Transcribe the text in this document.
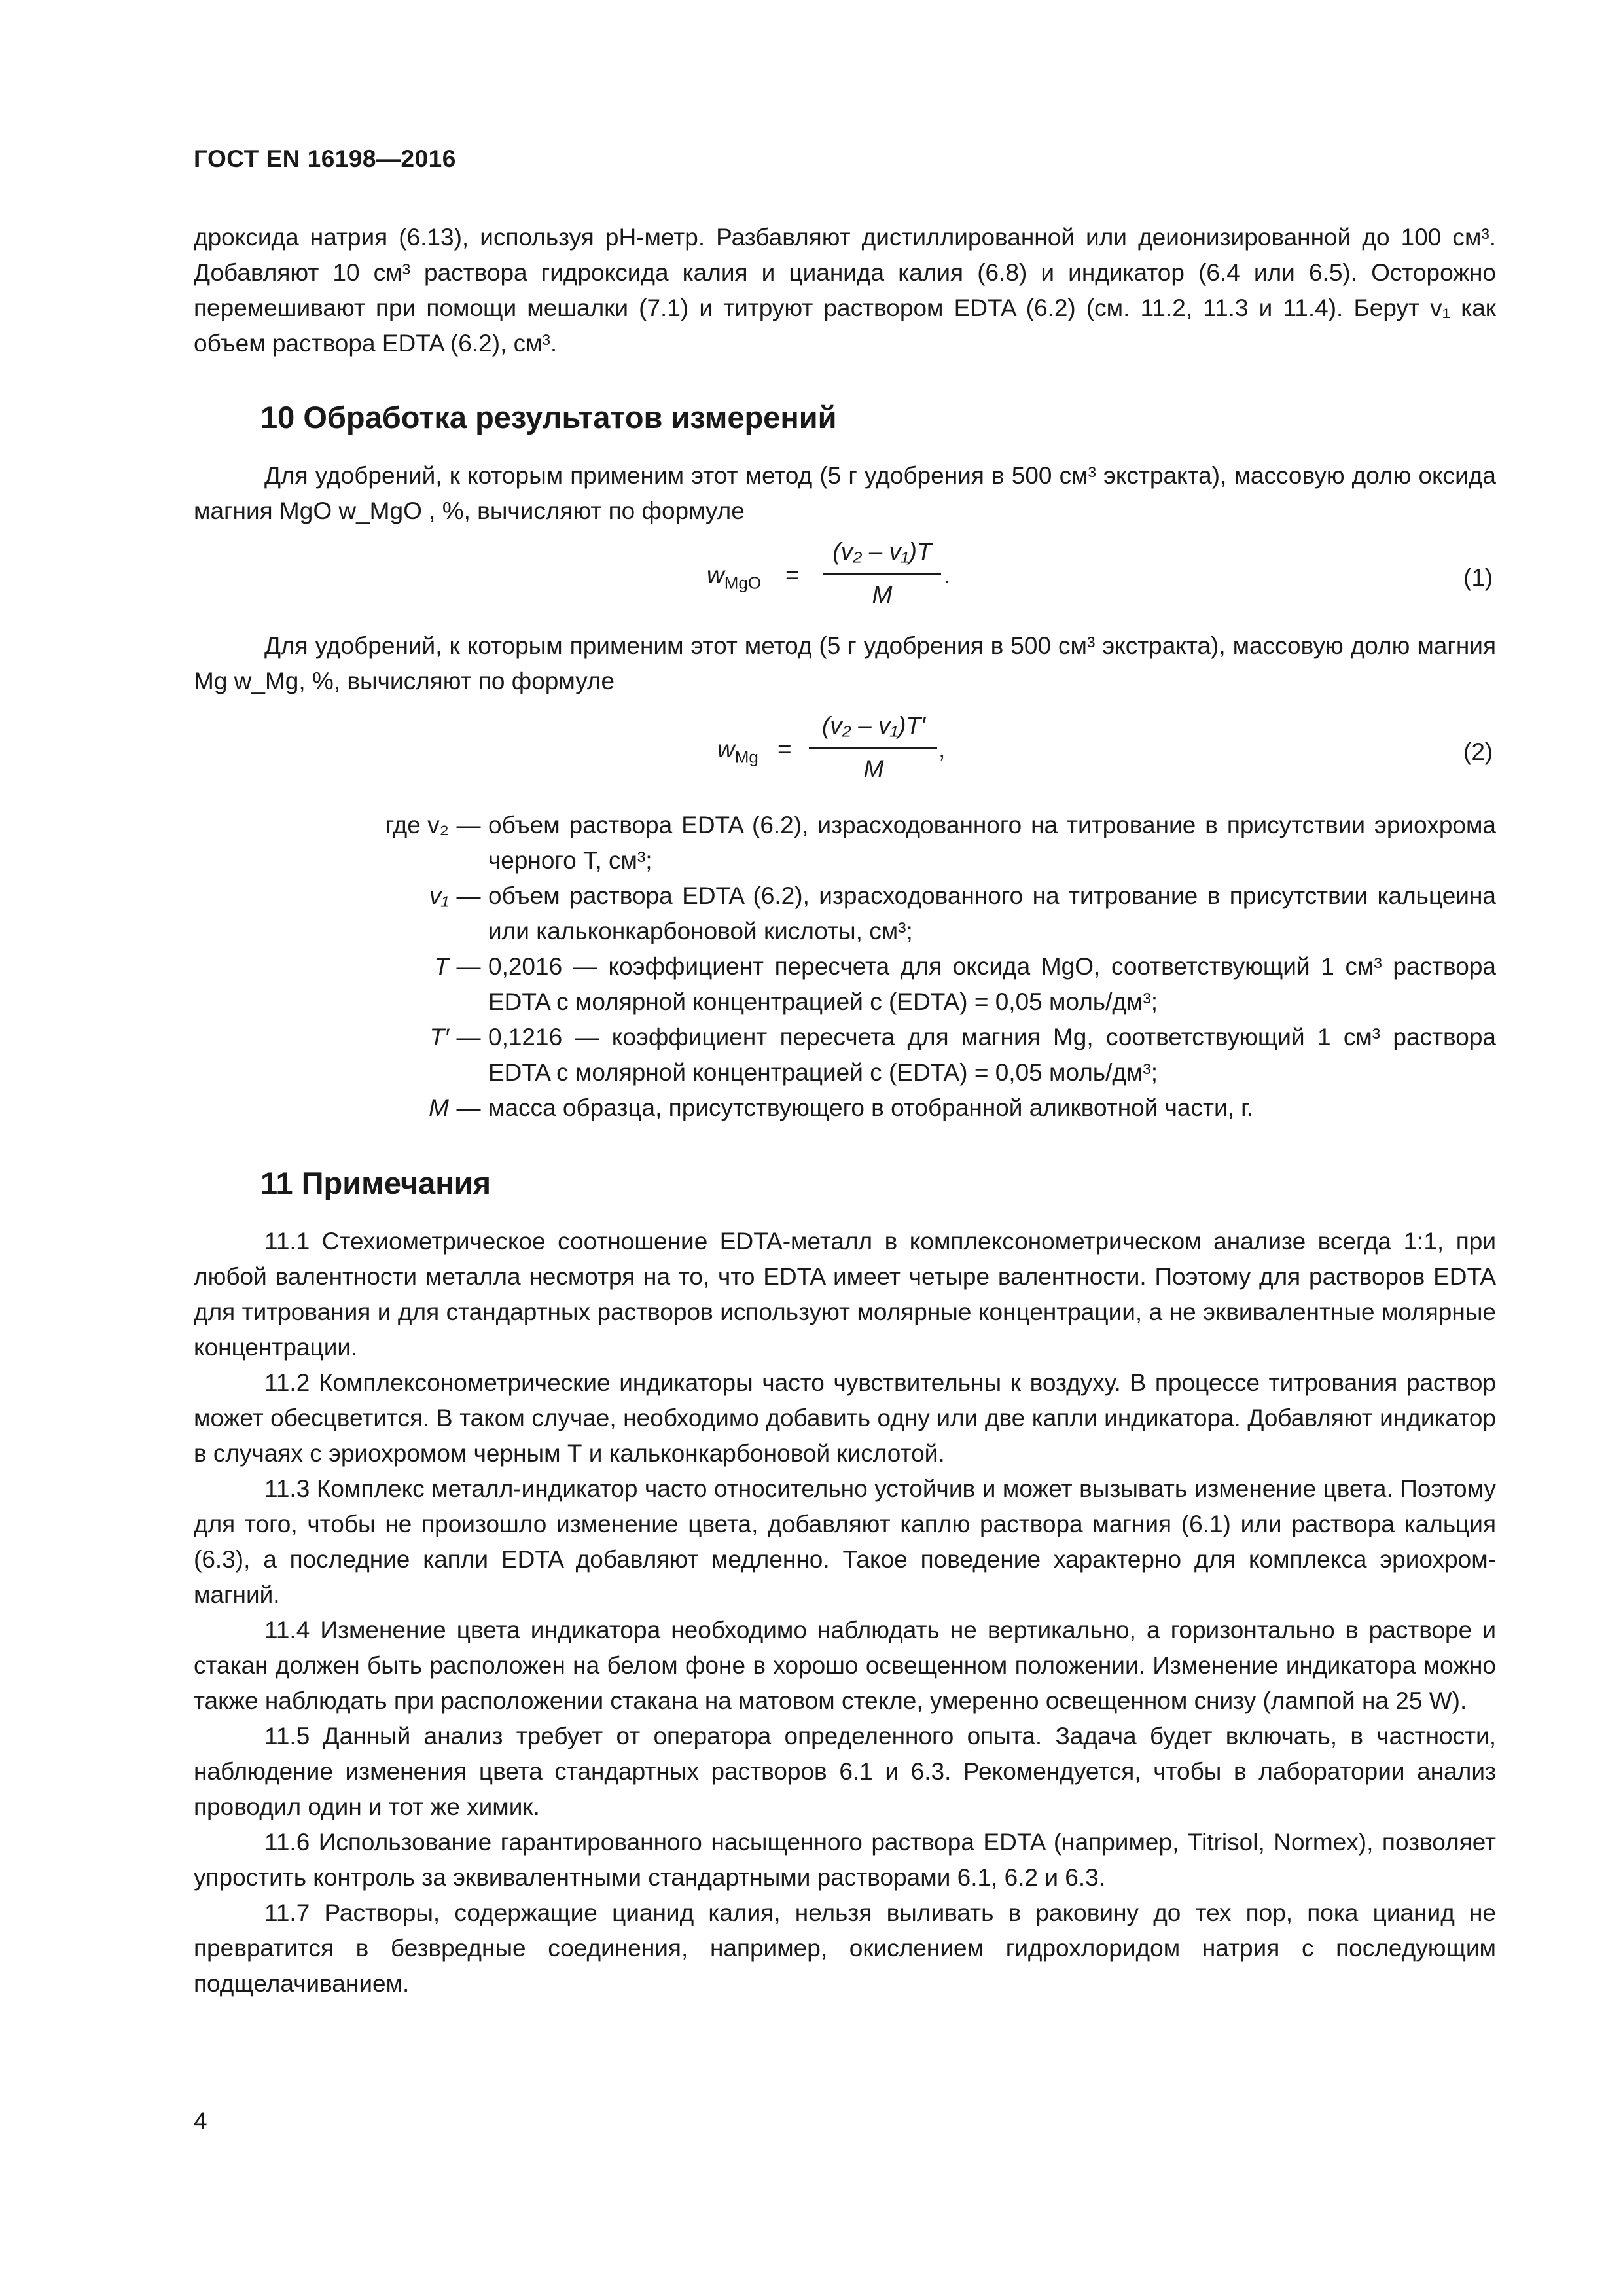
ГОСТ EN 16198—2016
дроксида натрия (6.13), используя pH-метр. Разбавляют дистиллированной или деионизированной до 100 см³. Добавляют 10 см³ раствора гидроксида калия и цианида калия (6.8) и индикатор (6.4 или 6.5). Осторожно перемешивают при помощи мешалки (7.1) и титруют раствором EDTA (6.2) (см. 11.2, 11.3 и 11.4). Берут v₁ как объем раствора EDTA (6.2), см³.
10 Обработка результатов измерений
Для удобрений, к которым применим этот метод (5 г удобрения в 500 см³ экстракта), массовую долю оксида магния MgO w_MgO , %, вычисляют по формуле
$w_{MgO}$ =
(v₂ – v₁)T
M
.	(1)
Для удобрений, к которым применим этот метод (5 г удобрения в 500 см³ экстракта), массовую долю магния Mg w_Mg, %, вычисляют по формуле
$w_{Mg}$ =
(v₂ – v₁)T′
M
,	(2)
где v₂ — объем раствора EDTA (6.2), израсходованного на титрование в присутствии эриохрома черного Т, см³;
v₁ — объем раствора EDTA (6.2), израсходованного на титрование в присутствии кальцеина или кальконкарбоновой кислоты, см³;
T — 0,2016 — коэффициент пересчета для оксида MgO, соответствующий 1 см³ раствора EDTA с молярной концентрацией c (EDTA) = 0,05 моль/дм³;
T′ — 0,1216 — коэффициент пересчета для магния Mg, соответствующий 1 см³ раствора EDTA с молярной концентрацией c (EDTA) = 0,05 моль/дм³;
M — масса образца, присутствующего в отобранной аликвотной части, г.
11 Примечания
11.1 Стехиометрическое соотношение EDTA-металл в комплексонометрическом анализе всегда 1:1, при любой валентности металла несмотря на то, что EDTA имеет четыре валентности. Поэтому для растворов EDTA для титрования и для стандартных растворов используют молярные концентрации, а не эквивалентные молярные концентрации.
11.2 Комплексонометрические индикаторы часто чувствительны к воздуху. В процессе титрования раствор может обесцветится. В таком случае, необходимо добавить одну или две капли индикатора. Добавляют индикатор в случаях с эриохромом черным Т и кальконкарбоновой кислотой.
11.3 Комплекс металл-индикатор часто относительно устойчив и может вызывать изменение цвета. Поэтому для того, чтобы не произошло изменение цвета, добавляют каплю раствора магния (6.1) или раствора кальция (6.3), а последние капли EDTA добавляют медленно. Такое поведение характерно для комплекса эриохром-магний.
11.4 Изменение цвета индикатора необходимо наблюдать не вертикально, а горизонтально в растворе и стакан должен быть расположен на белом фоне в хорошо освещенном положении. Изменение индикатора можно также наблюдать при расположении стакана на матовом стекле, умеренно освещенном снизу (лампой на 25 W).
11.5 Данный анализ требует от оператора определенного опыта. Задача будет включать, в частности, наблюдение изменения цвета стандартных растворов 6.1 и 6.3. Рекомендуется, чтобы в лаборатории анализ проводил один и тот же химик.
11.6 Использование гарантированного насыщенного раствора EDTA (например, Titrisol, Normex), позволяет упростить контроль за эквивалентными стандартными растворами 6.1, 6.2 и 6.3.
11.7 Растворы, содержащие цианид калия, нельзя выливать в раковину до тех пор, пока цианид не превратится в безвредные соединения, например, окислением гидрохлоридом натрия с последующим подщелачиванием.
4
